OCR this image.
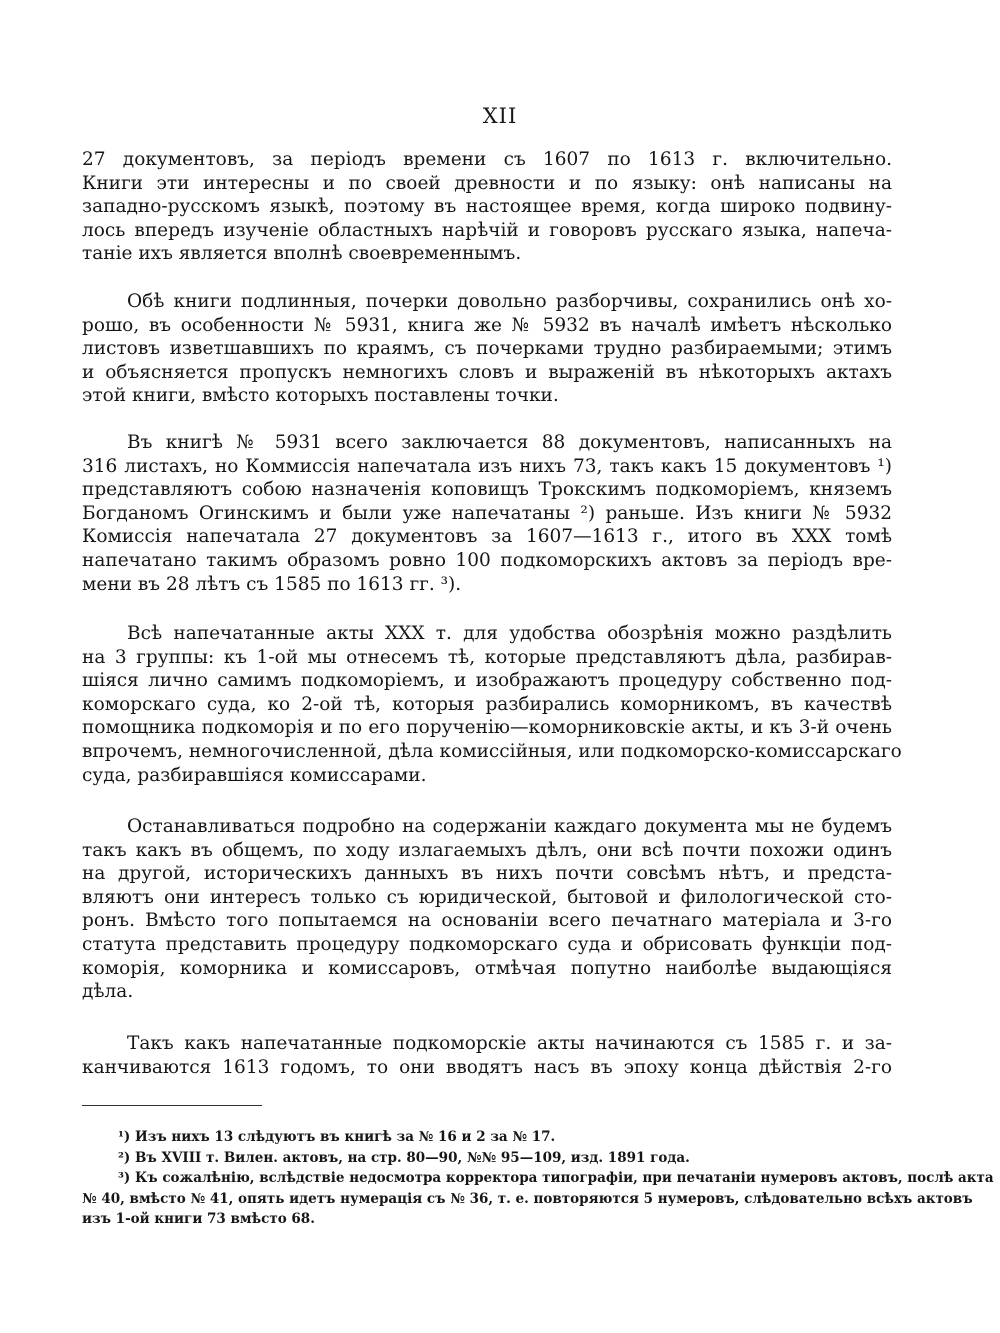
XII
27 документовъ, за періодъ времени съ 1607 по 1613 г. включительно.
Книги эти интересны и по своей древности и по языку: онѣ написаны на
западно-русскомъ языкѣ, поэтому въ настоящее время, когда широко подвину-
лось впередъ изученіе областныхъ нарѣчій и говоровъ русскаго языка, напеча-
таніе ихъ является вполнѣ своевременнымъ.
Обѣ книги подлинныя, почерки довольно разборчивы, сохранились онѣ хо-
рошо, въ особенности № 5931, книга же № 5932 въ началѣ имѣетъ нѣсколько
листовъ изветшавшихъ по краямъ, съ почерками трудно разбираемыми; этимъ
и объясняется пропускъ немногихъ словъ и выраженій въ нѣкоторыхъ актахъ
этой книги, вмѣсто которыхъ поставлены точки.
Въ книгѣ № 5931 всего заключается 88 документовъ, написанныхъ на
316 листахъ, но Коммиссія напечатала изъ нихъ 73, такъ какъ 15 документовъ ¹)
представляютъ собою назначенія коповищъ Трокскимъ подкоморіемъ, княземъ
Богданомъ Огинскимъ и были уже напечатаны ²) раньше. Изъ книги № 5932
Комиссія напечатала 27 документовъ за 1607—1613 г., итого въ XXX томѣ
напечатано такимъ образомъ ровно 100 подкоморскихъ актовъ за періодъ вре-
мени въ 28 лѣтъ съ 1585 по 1613 гг. ³).
Всѣ напечатанные акты XXX т. для удобства обозрѣнія можно раздѣлить
на 3 группы: къ 1-ой мы отнесемъ тѣ, которые представляютъ дѣла, разбирав-
шіяся лично самимъ подкоморіемъ, и изображаютъ процедуру собственно под-
коморскаго суда, ко 2-ой тѣ, которыя разбирались коморникомъ, въ качествѣ
помощника подкоморія и по его порученію—коморниковскіе акты, и къ 3-й очень
впрочемъ, немногочисленной, дѣла комиссійныя, или подкоморско-комиссарскаго
суда, разбиравшіяся комиссарами.
Останавливаться подробно на содержаніи каждаго документа мы не будемъ
такъ какъ въ общемъ, по ходу излагаемыхъ дѣлъ, они всѣ почти похожи одинъ
на другой, историческихъ данныхъ въ нихъ почти совсѣмъ нѣтъ, и предста-
вляютъ они интересъ только съ юридической, бытовой и филологической сто-
ронъ. Вмѣсто того попытаемся на основаніи всего печатнаго матеріала и 3-го
статута представить процедуру подкоморскаго суда и обрисовать функціи под-
коморія, коморника и комиссаровъ, отмѣчая попутно наиболѣе выдающіяся
дѣла.
Такъ какъ напечатанные подкоморскіе акты начинаются съ 1585 г. и за-
канчиваются 1613 годомъ, то они вводятъ насъ въ эпоху конца дѣйствія 2-го
¹) Изъ нихъ 13 слѣдуютъ въ книгѣ за № 16 и 2 за № 17.
²) Въ XVIII т. Вилен. актовъ, на стр. 80—90, №№ 95—109, изд. 1891 года.
³) Къ сожалѣнію, вслѣдствіе недосмотра корректора типографіи, при печатаніи нумеровъ актовъ, послѣ акта
№ 40, вмѣсто № 41, опять идетъ нумерація съ № 36, т. е. повторяются 5 нумеровъ, слѣдовательно всѣхъ актовъ
изъ 1-ой книги 73 вмѣсто 68.
